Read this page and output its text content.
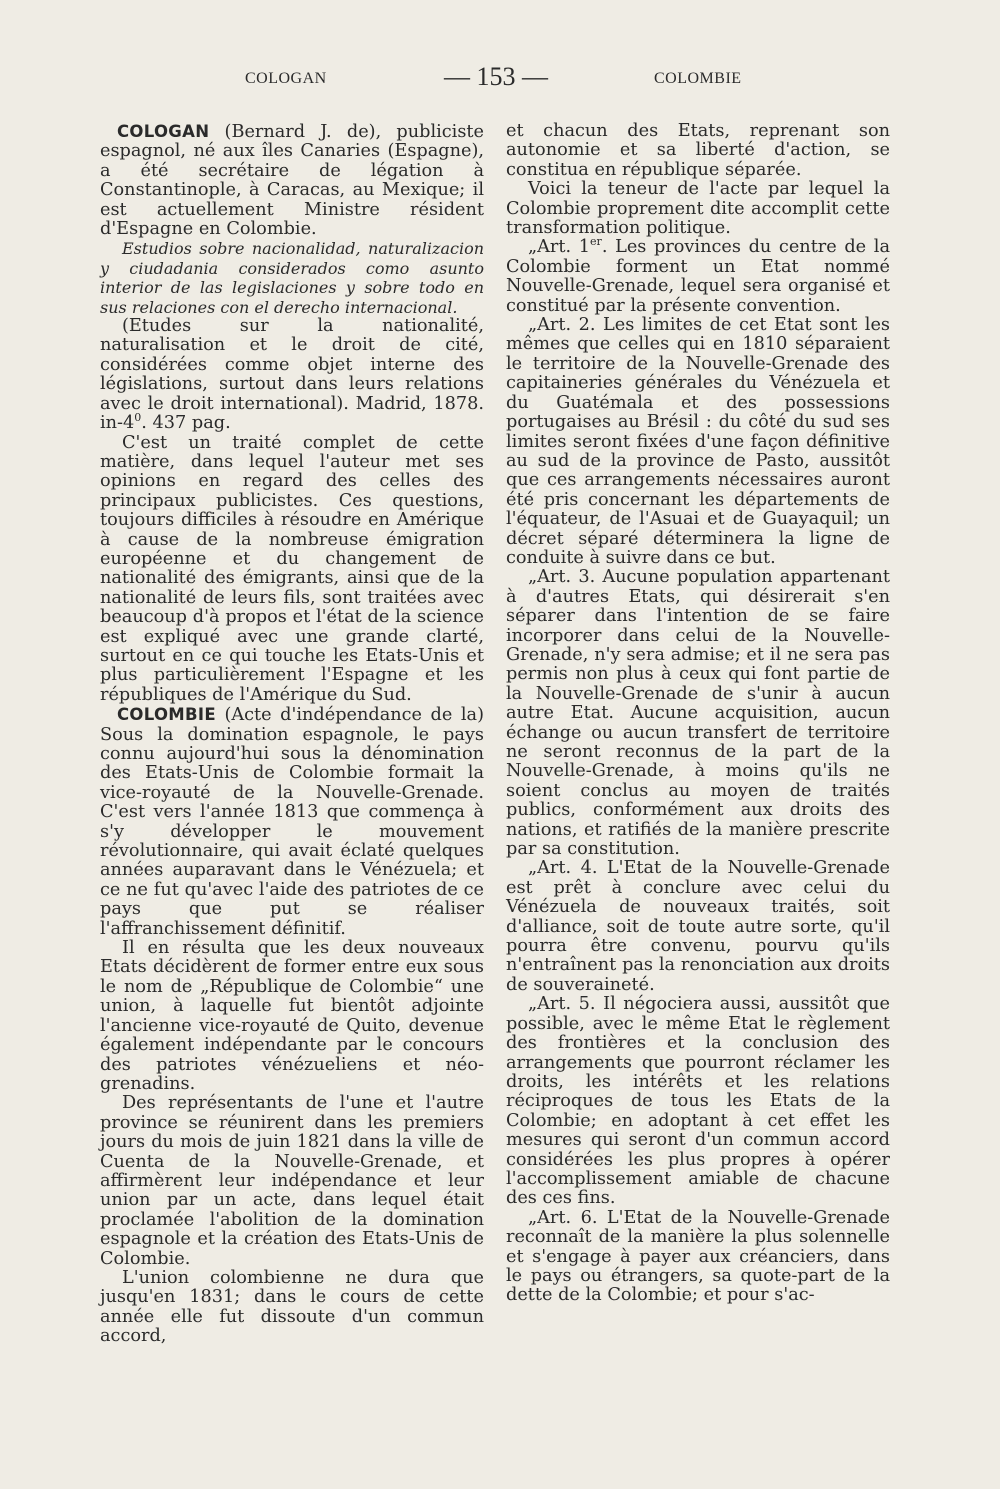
COLOGAN	— 153 —	COLOMBIE

COLOGAN (Bernard J. de), publiciste espagnol, né aux îles Canaries (Espagne), a été secrétaire de légation à Constantinople, à Caracas, au Mexique; il est actuellement Ministre résident d'Espagne en Colombie.

Estudios sobre nacionalidad, naturalizacion y ciudadania considerados como asunto interior de las legislaciones y sobre todo en sus relaciones con el derecho internacional.

(Etudes sur la nationalité, naturalisation et le droit de cité, considérées comme objet interne des législations, surtout dans leurs relations avec le droit international). Madrid, 1878. $in-4^0$. 437 pag.

C'est un traité complet de cette matière, dans lequel l'auteur met ses opinions en regard des celles des principaux publicistes. Ces questions, toujours difficiles à résoudre en Amérique à cause de la nombreuse émigration européenne et du changement de nationalité des émigrants, ainsi que de la nationalité de leurs fils, sont traitées avec beaucoup d'à propos et l'état de la science est expliqué avec une grande clarté, surtout en ce qui touche les Etats-Unis et plus particulièrement l'Espagne et les républiques de l'Amérique du Sud.

COLOMBIE (Acte d'indépendance de la) Sous la domination espagnole, le pays connu aujourd'hui sous la dénomination des Etats-Unis de Colombie formait la vice-royauté de la Nouvelle-Grenade. C'est vers l'année 1813 que commença à s'y développer le mouvement révolutionnaire, qui avait éclaté quelques années auparavant dans le Vénézuela; et ce ne fut qu'avec l'aide des patriotes de ce pays que put se réaliser l'affranchissement définitif.

Il en résulta que les deux nouveaux Etats décidèrent de former entre eux sous le nom de „République de Colombie“ une union, à laquelle fut bientôt adjointe l'ancienne vice-royauté de Quito, devenue également indépendante par le concours des patriotes vénézueliens et néo-grenadins.

Des représentants de l'une et l'autre province se réunirent dans les premiers jours du mois de juin 1821 dans la ville de Cuenta de la Nouvelle-Grenade, et affirmèrent leur indépendance et leur union par un acte, dans lequel était proclamée l'abolition de la domination espagnole et la création des Etats-Unis de Colombie.

L'union colombienne ne dura que jusqu'en 1831; dans le cours de cette année elle fut dissoute d'un commun accord,

et chacun des Etats, reprenant son autonomie et sa liberté d'action, se constitua en république séparée.

Voici la teneur de l'acte par lequel la Colombie proprement dite accomplit cette transformation politique.

„Art. 1er. Les provinces du centre de la Colombie forment un Etat nommé Nouvelle-Grenade, lequel sera organisé et constitué par la présente convention.

„Art. 2. Les limites de cet Etat sont les mêmes que celles qui en 1810 séparaient le territoire de la Nouvelle-Grenade des capitaineries générales du Vénézuela et du Guatémala et des possessions portugaises au Brésil : du côté du sud ses limites seront fixées d'une façon définitive au sud de la province de Pasto, aussitôt que ces arrangements nécessaires auront été pris concernant les départements de l'équateur, de l'Asuai et de Guayaquil; un décret séparé déterminera la ligne de conduite à suivre dans ce but.

„Art. 3. Aucune population appartenant à d'autres Etats, qui désirerait s'en séparer dans l'intention de se faire incorporer dans celui de la Nouvelle-Grenade, n'y sera admise; et il ne sera pas permis non plus à ceux qui font partie de la Nouvelle-Grenade de s'unir à aucun autre Etat. Aucune acquisition, aucun échange ou aucun transfert de territoire ne seront reconnus de la part de la Nouvelle-Grenade, à moins qu'ils ne soient conclus au moyen de traités publics, conformément aux droits des nations, et ratifiés de la manière prescrite par sa constitution.

„Art. 4. L'Etat de la Nouvelle-Grenade est prêt à conclure avec celui du Vénézuela de nouveaux traités, soit d'alliance, soit de toute autre sorte, qu'il pourra être convenu, pourvu qu'ils n'entraînent pas la renonciation aux droits de souveraineté.

„Art. 5. Il négociera aussi, aussitôt que possible, avec le même Etat le règlement des frontières et la conclusion des arrangements que pourront réclamer les droits, les intérêts et les relations réciproques de tous les Etats de la Colombie; en adoptant à cet effet les mesures qui seront d'un commun accord considérées les plus propres à opérer l'accomplissement amiable de chacune des ces fins.

„Art. 6. L'Etat de la Nouvelle-Grenade reconnaît de la manière la plus solennelle et s'engage à payer aux créanciers, dans le pays ou étrangers, sa quote-part de la dette de la Colombie; et pour s'ac-
